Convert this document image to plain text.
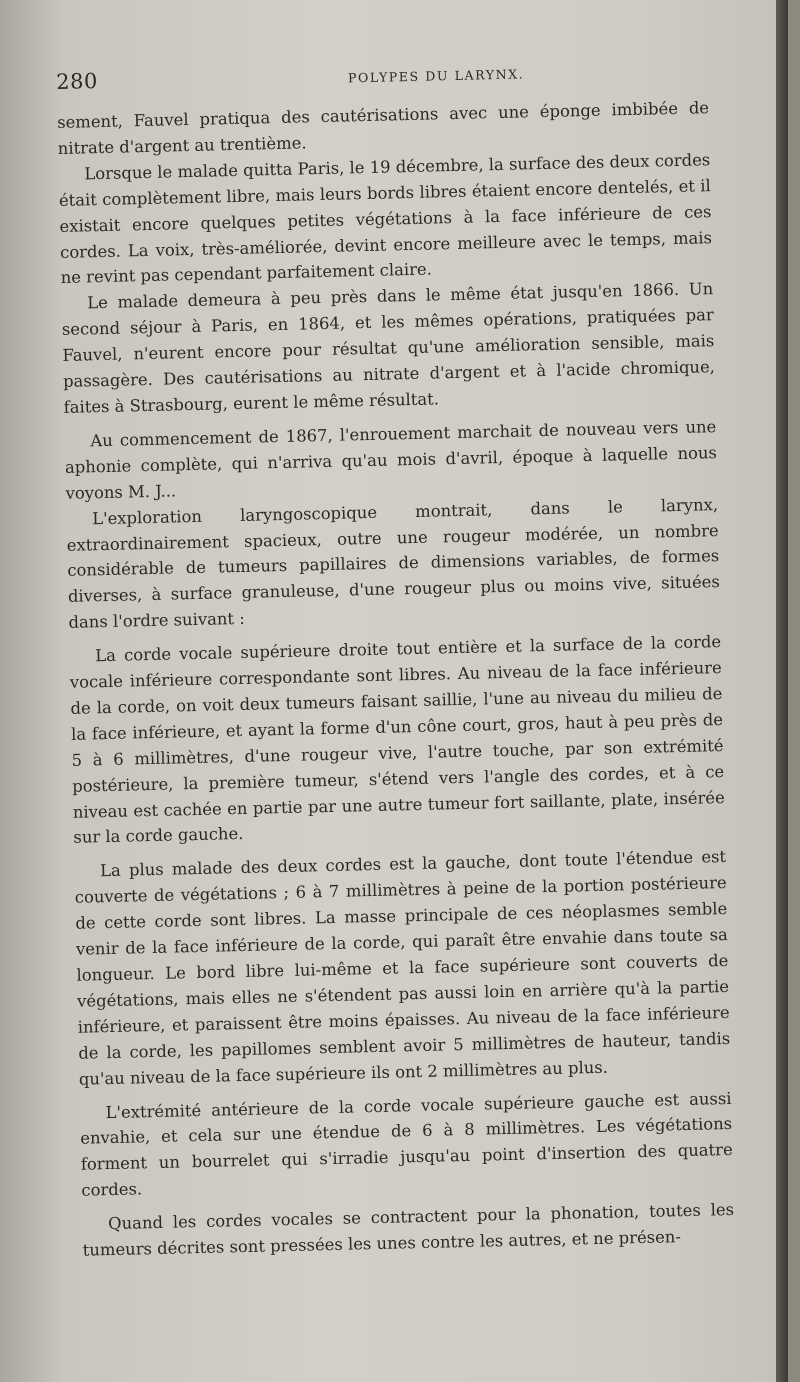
280	POLYPES DU LARYNX.

sement, Fauvel pratiqua des cautérisations avec une éponge imbibée de nitrate d'argent au trentième.

Lorsque le malade quitta Paris, le 19 décembre, la surface des deux cordes était complètement libre, mais leurs bords libres étaient encore dentelés, et il existait encore quelques petites végétations à la face inférieure de ces cordes. La voix, très-améliorée, devint encore meilleure avec le temps, mais ne revint pas cependant parfaitement claire.

Le malade demeura à peu près dans le même état jusqu'en 1866. Un second séjour à Paris, en 1864, et les mêmes opérations, pratiquées par Fauvel, n'eurent encore pour résultat qu'une amélioration sensible, mais passagère. Des cautérisations au nitrate d'argent et à l'acide chromique, faites à Strasbourg, eurent le même résultat.

Au commencement de 1867, l'enrouement marchait de nouveau vers une aphonie complète, qui n'arriva qu'au mois d'avril, époque à laquelle nous voyons M. J...

L'exploration laryngoscopique montrait, dans le larynx, extraordinairement spacieux, outre une rougeur modérée, un nombre considérable de tumeurs papillaires de dimensions variables, de formes diverses, à surface granuleuse, d'une rougeur plus ou moins vive, situées dans l'ordre suivant :

La corde vocale supérieure droite tout entière et la surface de la corde vocale inférieure correspondante sont libres. Au niveau de la face inférieure de la corde, on voit deux tumeurs faisant saillie, l'une au niveau du milieu de la face inférieure, et ayant la forme d'un cône court, gros, haut à peu près de 5 à 6 millimètres, d'une rougeur vive, l'autre touche, par son extrémité postérieure, la première tumeur, s'étend vers l'angle des cordes, et à ce niveau est cachée en partie par une autre tumeur fort saillante, plate, insérée sur la corde gauche.

La plus malade des deux cordes est la gauche, dont toute l'étendue est couverte de végétations ; 6 à 7 millimètres à peine de la portion postérieure de cette corde sont libres. La masse principale de ces néoplasmes semble venir de la face inférieure de la corde, qui paraît être envahie dans toute sa longueur. Le bord libre lui-même et la face supérieure sont couverts de végétations, mais elles ne s'étendent pas aussi loin en arrière qu'à la partie inférieure, et paraissent être moins épaisses. Au niveau de la face inférieure de la corde, les papillomes semblent avoir 5 millimètres de hauteur, tandis qu'au niveau de la face supérieure ils ont 2 millimètres au plus.

L'extrémité antérieure de la corde vocale supérieure gauche est aussi envahie, et cela sur une étendue de 6 à 8 millimètres. Les végétations forment un bourrelet qui s'irradie jusqu'au point d'insertion des quatre cordes.

Quand les cordes vocales se contractent pour la phonation, toutes les tumeurs décrites sont pressées les unes contre les autres, et ne présen-
